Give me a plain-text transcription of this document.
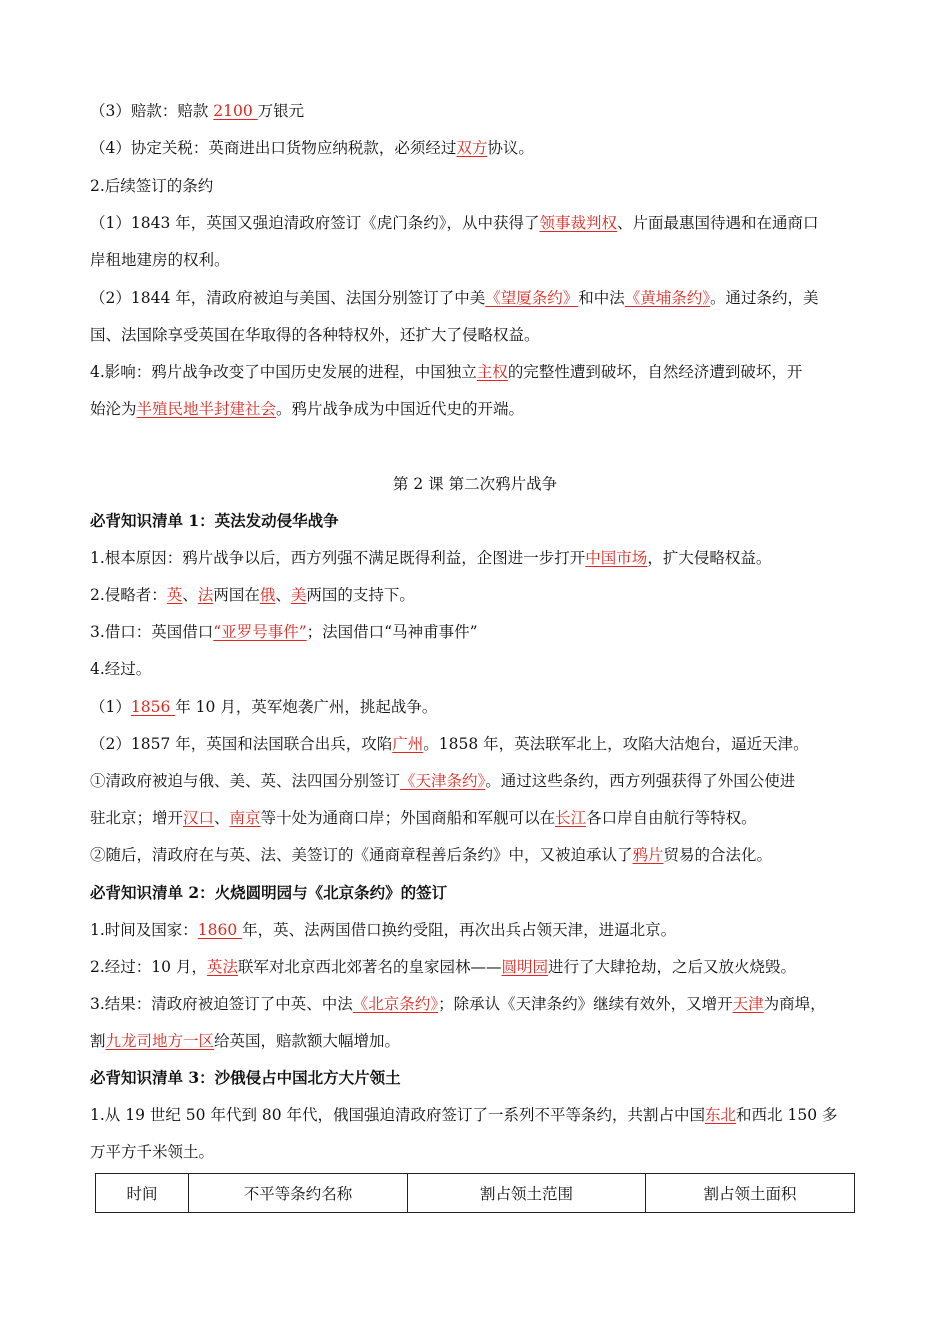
（3）赔款：赔款 2100 万银元
（4）协定关税：英商进出口货物应纳税款，必须经过双方协议。
2.后续签订的条约
（1）1843 年，英国又强迫清政府签订《虎门条约》，从中获得了领事裁判权、片面最惠国待遇和在通商口
岸租地建房的权利。
（2）1844 年，清政府被迫与美国、法国分别签订了中美《望厦条约》和中法《黄埔条约》。通过条约，美
国、法国除享受英国在华取得的各种特权外，还扩大了侵略权益。
4.影响：鸦片战争改变了中国历史发展的进程，中国独立主权的完整性遭到破坏，自然经济遭到破坏，开
始沦为半殖民地半封建社会。鸦片战争成为中国近代史的开端。
第 2 课 第二次鸦片战争
必背知识清单 1：英法发动侵华战争
1.根本原因：鸦片战争以后，西方列强不满足既得利益，企图进一步打开中国市场，扩大侵略权益。
2.侵略者：英、法两国在俄、美两国的支持下。
3.借口：英国借口“亚罗号事件”；法国借口“马神甫事件”
4.经过。
（1）1856 年 10 月，英军炮袭广州，挑起战争。
（2）1857 年，英国和法国联合出兵，攻陷广州。1858 年，英法联军北上，攻陷大沽炮台，逼近天津。
①清政府被迫与俄、美、英、法四国分别签订《天津条约》。通过这些条约，西方列强获得了外国公使进
驻北京；增开汉口、南京等十处为通商口岸；外国商船和军舰可以在长江各口岸自由航行等特权。
②随后，清政府在与英、法、美签订的《通商章程善后条约》中，又被迫承认了鸦片贸易的合法化。
必背知识清单 2：火烧圆明园与《北京条约》的签订
1.时间及国家：1860 年，英、法两国借口换约受阻，再次出兵占领天津，进逼北京。
2.经过：10 月，英法联军对北京西北郊著名的皇家园林——圆明园进行了大肆抢劫，之后又放火烧毁。
3.结果：清政府被迫签订了中英、中法《北京条约》；除承认《天津条约》继续有效外，又增开天津为商埠，
割九龙司地方一区给英国，赔款额大幅增加。
必背知识清单 3：沙俄侵占中国北方大片领土
1.从 19 世纪 50 年代到 80 年代，俄国强迫清政府签订了一系列不平等条约，共割占中国东北和西北 150 多
万平方千米领土。
时间	不平等条约名称	割占领土范围	割占领土面积
